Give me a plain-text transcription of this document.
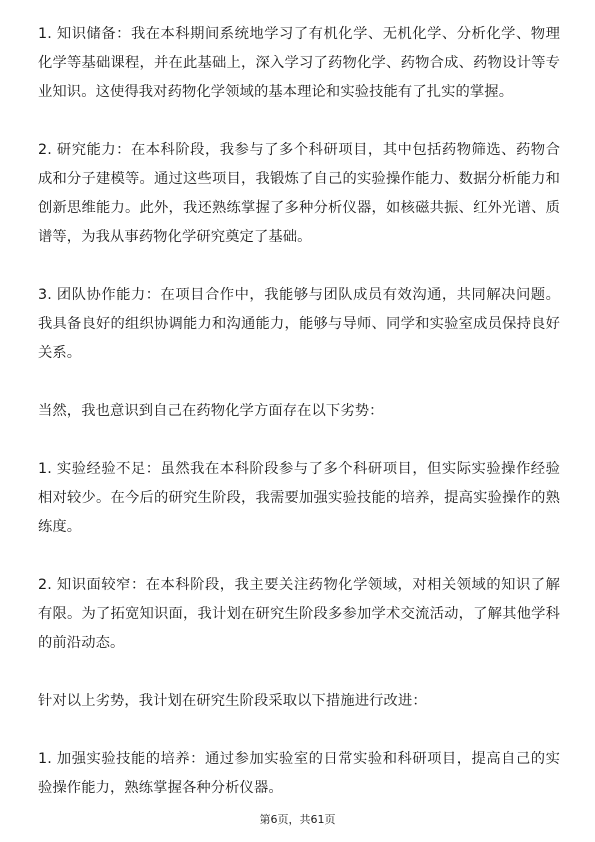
1. 知识储备：我在本科期间系统地学习了有机化学、无机化学、分析化学、物理化学等基础课程，并在此基础上，深入学习了药物化学、药物合成、药物设计等专业知识。这使得我对药物化学领域的基本理论和实验技能有了扎实的掌握。

2. 研究能力：在本科阶段，我参与了多个科研项目，其中包括药物筛选、药物合成和分子建模等。通过这些项目，我锻炼了自己的实验操作能力、数据分析能力和创新思维能力。此外，我还熟练掌握了多种分析仪器，如核磁共振、红外光谱、质谱等，为我从事药物化学研究奠定了基础。

3. 团队协作能力：在项目合作中，我能够与团队成员有效沟通，共同解决问题。我具备良好的组织协调能力和沟通能力，能够与导师、同学和实验室成员保持良好关系。

当然，我也意识到自己在药物化学方面存在以下劣势：

1. 实验经验不足：虽然我在本科阶段参与了多个科研项目，但实际实验操作经验相对较少。在今后的研究生阶段，我需要加强实验技能的培养，提高实验操作的熟练度。

2. 知识面较窄：在本科阶段，我主要关注药物化学领域，对相关领域的知识了解有限。为了拓宽知识面，我计划在研究生阶段多参加学术交流活动，了解其他学科的前沿动态。

针对以上劣势，我计划在研究生阶段采取以下措施进行改进：

1. 加强实验技能的培养：通过参加实验室的日常实验和科研项目，提高自己的实验操作能力，熟练掌握各种分析仪器。

第6页，共61页
